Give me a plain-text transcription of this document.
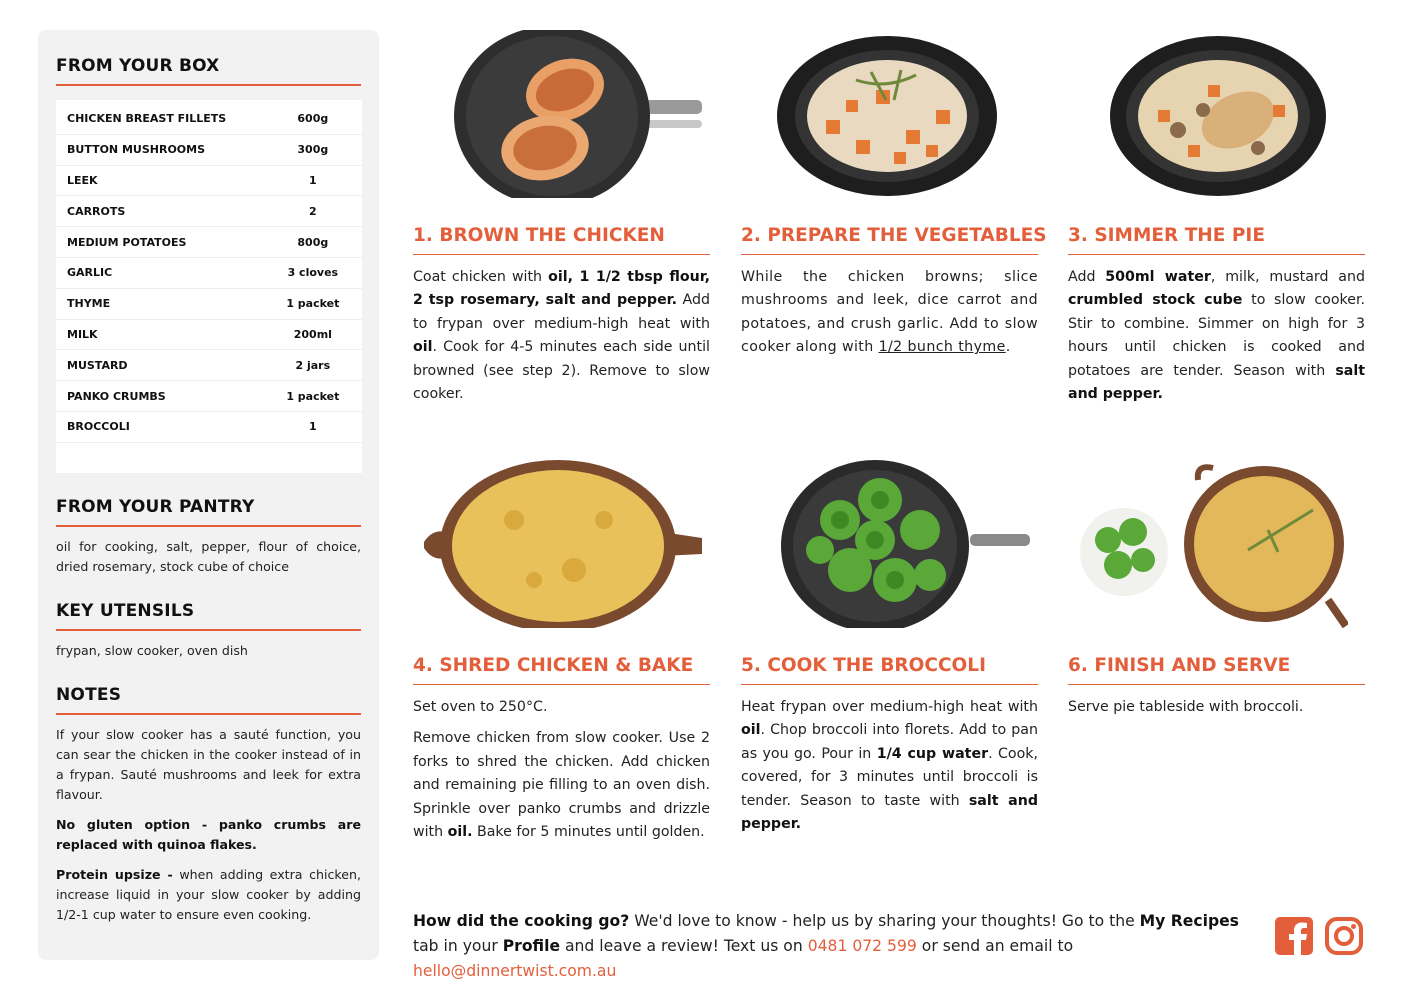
FROM YOUR BOX
CHICKEN BREAST FILLETS	600g
BUTTON MUSHROOMS	300g
LEEK	1
CARROTS	2
MEDIUM POTATOES	800g
GARLIC	3 cloves
THYME	1 packet
MILK	200ml
MUSTARD	2 jars
PANKO CRUMBS	1 packet
BROCCOLI	1
FROM YOUR PANTRY
oil for cooking, salt, pepper, flour of choice, dried rosemary, stock cube of choice
KEY UTENSILS
frypan, slow cooker, oven dish
NOTES
If your slow cooker has a sauté function, you can sear the chicken in the cooker instead of in a frypan. Sauté mushrooms and leek for extra flavour.
No gluten option - panko crumbs are replaced with quinoa flakes.
Protein upsize - when adding extra chicken, increase liquid in your slow cooker by adding 1/2-1 cup water to ensure even cooking.
1. BROWN THE CHICKEN
Coat chicken with oil, 1 1/2 tbsp flour, 2 tsp rosemary, salt and pepper. Add to frypan over medium-high heat with oil. Cook for 4-5 minutes each side until browned (see step 2). Remove to slow cooker.
2. PREPARE THE VEGETABLES
While the chicken browns; slice mushrooms and leek, dice carrot and potatoes, and crush garlic. Add to slow cooker along with 1/2 bunch thyme.
3. SIMMER THE PIE
Add 500ml water, milk, mustard and crumbled stock cube to slow cooker. Stir to combine. Simmer on high for 3 hours until chicken is cooked and potatoes are tender. Season with salt and pepper.
4. SHRED CHICKEN & BAKE

Set oven to 250°C.

Remove chicken from slow cooker. Use 2 forks to shred the chicken. Add chicken and remaining pie filling to an oven dish. Sprinkle over panko crumbs and drizzle with oil. Bake for 5 minutes until golden.

5. COOK THE BROCCOLI
Heat frypan over medium-high heat with oil. Chop broccoli into florets. Add to pan as you go. Pour in 1/4 cup water. Cook, covered, for 3 minutes until broccoli is tender. Season to taste with salt and pepper.
6. FINISH AND SERVE
Serve pie tableside with broccoli.
How did the cooking go? We'd love to know - help us by sharing your thoughts! Go to the My Recipes tab in your Profile and leave a review! Text us on 0481 072 599 or send an email to hello@dinnertwist.com.au
